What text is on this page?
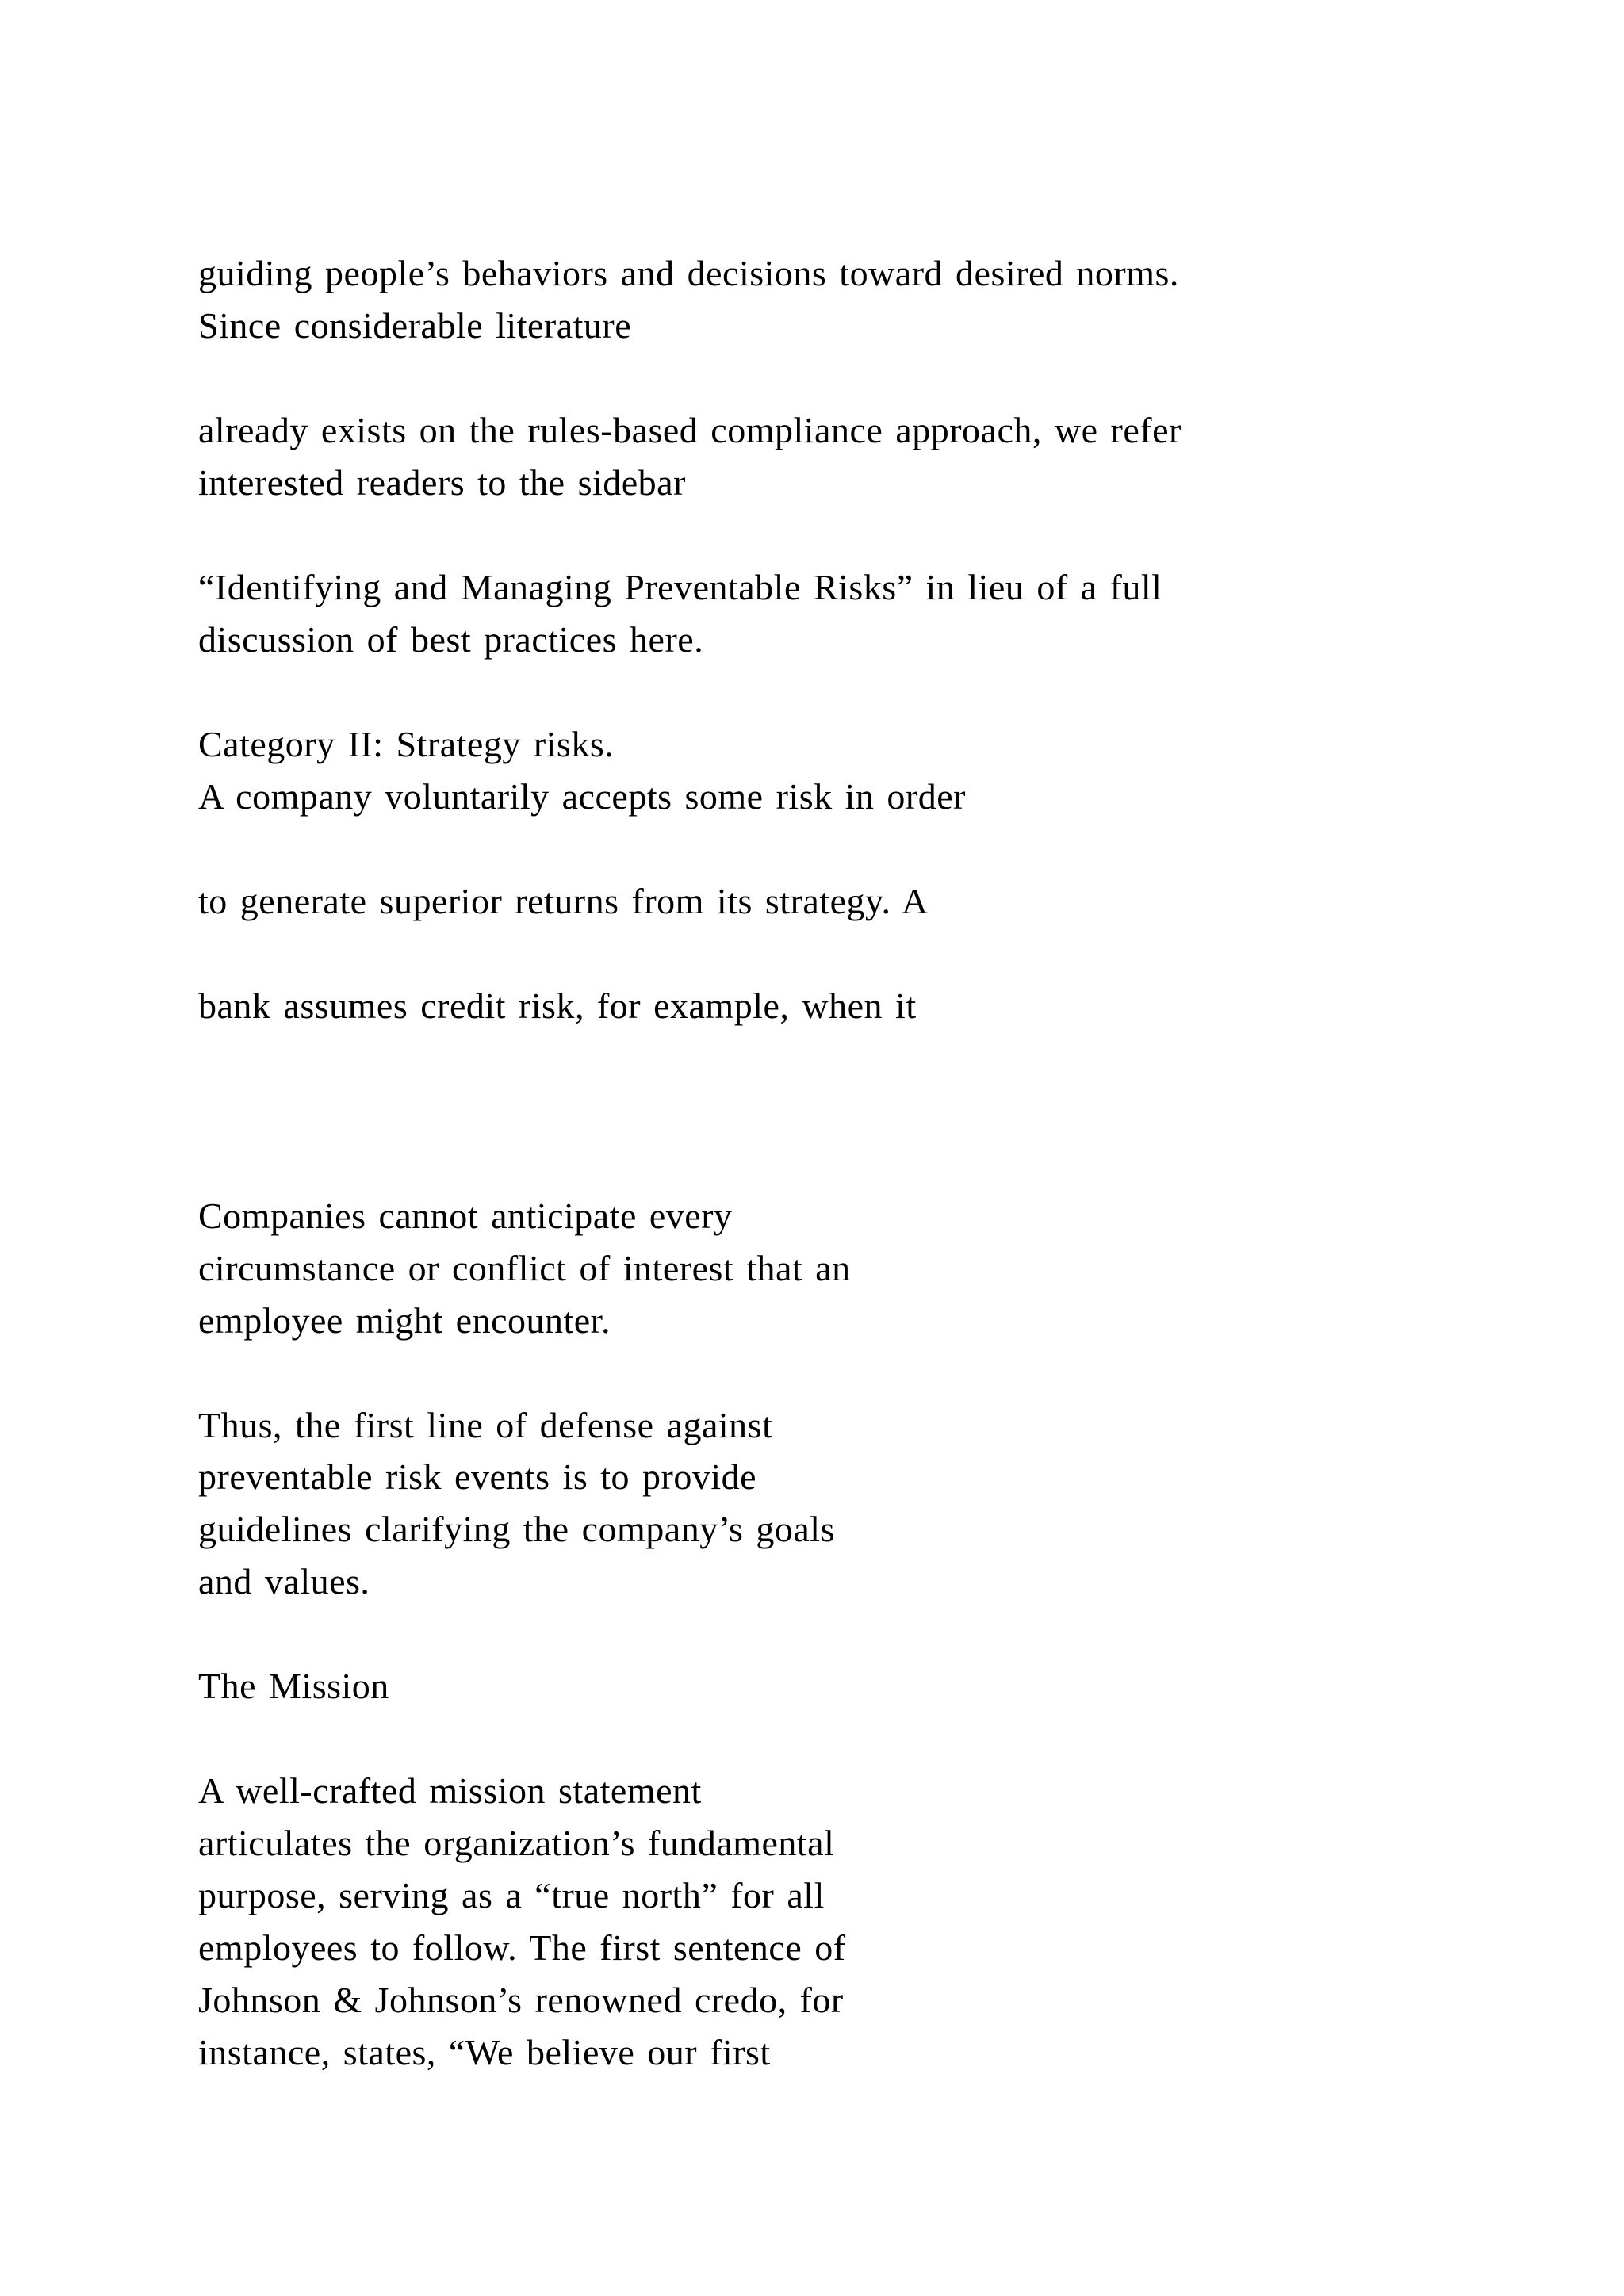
guiding people’s behaviors and decisions toward desired norms.
Since considerable literature
already exists on the rules-based compliance approach, we refer
interested readers to the sidebar
“Identifying and Managing Preventable Risks” in lieu of a full
discussion of best practices here.
Category II: Strategy risks.
A company voluntarily accepts some risk in order
to generate superior returns from its strategy. A
bank assumes credit risk, for example, when it
Companies cannot anticipate every
circumstance or conflict of interest that an
employee might encounter.
Thus, the first line of defense against
preventable risk events is to provide
guidelines clarifying the company’s goals
and values.
The Mission
A well-crafted mission statement
articulates the organization’s fundamental
purpose, serving as a “true north” for all
employees to follow. The first sentence of
Johnson & Johnson’s renowned credo, for
instance, states, “We believe our first
